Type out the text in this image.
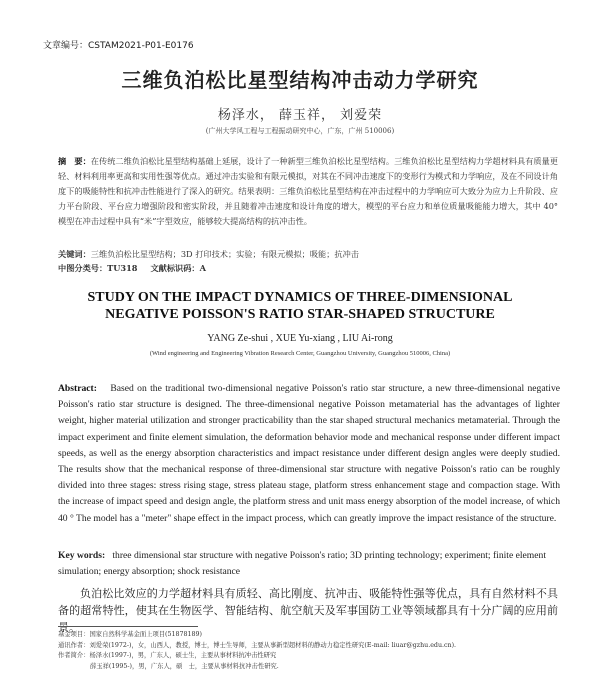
文章编号：CSTAM2021-P01-E0176
三维负泊松比星型结构冲击动力学研究
杨泽水， 薛玉祥， 刘爱荣
(广州大学风工程与工程振动研究中心，广东，广州 510006)
摘　要：在传统二维负泊松比星型结构基础上延展，设计了一种新型三维负泊松比星型结构。三维负泊松比星型结构力学超材料具有质量更轻、材料利用率更高和实用性强等优点。通过冲击实验和有限元模拟，对其在不同冲击速度下的变形行为模式和力学响应，及在不同设计角度下的吸能特性和抗冲击性能进行了深入的研究。结果表明：三维负泊松比星型结构在冲击过程中的力学响应可大致分为应力上升阶段、应力平台阶段、平台应力增强阶段和密实阶段，并且随着冲击速度和设计角度的增大，模型的平台应力和单位质量吸能能力增大，其中 40°模型在冲击过程中具有“米”字型效应，能够较大提高结构的抗冲击性。
关键词：三维负泊松比星型结构；3D 打印技术；实验；有限元模拟；吸能；抗冲击
中图分类号：TU318 文献标识码：A
STUDY ON THE IMPACT DYNAMICS OF THREE-DIMENSIONAL
NEGATIVE POISSON'S RATIO STAR-SHAPED STRUCTURE
YANG Ze-shui , XUE Yu-xiang , LIU Ai-rong
(Wind engineering and Engineering Vibration Research Center, Guangzhou University, Guangzhou 510006, China)
Abstract: Based on the traditional two-dimensional negative Poisson's ratio star structure, a new three-dimensional negative Poisson's ratio star structure is designed. The three-dimensional negative Poisson metamaterial has the advantages of lighter weight, higher material utilization and stronger practicability than the star shaped structural mechanics metamaterial. Through the impact experiment and finite element simulation, the deformation behavior mode and mechanical response under different impact speeds, as well as the energy absorption characteristics and impact resistance under different design angles were deeply studied. The results show that the mechanical response of three-dimensional star structure with negative Poisson's ratio can be roughly divided into three stages: stress rising stage, stress plateau stage, platform stress enhancement stage and compaction stage. With the increase of impact speed and design angle, the platform stress and unit mass energy absorption of the model increase, of which 40 ° The model has a "meter" shape effect in the impact process, which can greatly improve the impact resistance of the structure.
Key words: three dimensional star structure with negative Poisson's ratio; 3D printing technology; experiment; finite element simulation; energy absorption; shock resistance
负泊松比效应的力学超材料具有质轻、高比刚度、抗冲击、吸能特性强等优点，具有自然材料不具备的超常特性，使其在生物医学、智能结构、航空航天及军事国防工业等领域都具有十分广阔的应用前景。
基金项目：国家自然科学基金面上项目(51878189)
通讯作者：刘爱荣(1972-)，女，山西人，教授，博士，博士生导师，主要从事新型超材料的静动力稳定性研究(E-mail: liuar@gzhu.edu.cn).
作者简介：杨泽水(1997-)，男，广东人，硕士生，主要从事材料抗冲击性研究
薛玉祥(1995-)，男，广东人，硕　士，主要从事材料抗冲击性研究.
